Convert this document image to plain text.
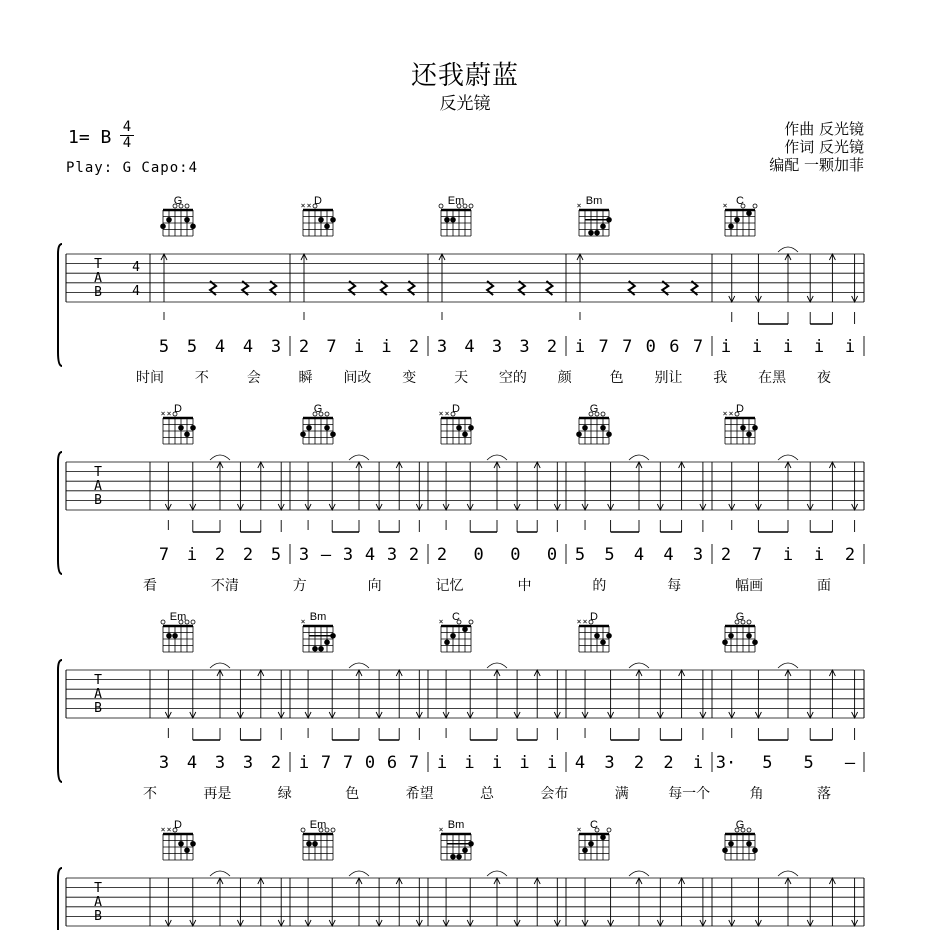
还我蔚蓝
反光镜
1= B 4
4
Play: G Capo:4
作曲 反光镜
作词 反光镜
编配 一颗加菲
T
A
B
4
4
G	D
× ×	Em	Bm
×	C
×
5 5 4 4 3 2 7 i i 2 3 4 3 3 2 i 7 7 0 6 7 i i i i i
时间 不	会	瞬 间改 变	天 空的 颜	色 别让 我 在黑 夜
T
A
B
D
× ×	G	D
× ×	G	D
× ×
7 i 2 2 5 3 – 3 4 3 2 2 0 0 0 5 5 4 4 3 2 7 i i 2
看	不清	方	向	记忆	中	的	每	幅画	面
T
A
B
Em	Bm
×	C
×	D
× ×	G
3 4 3 3 2 i 7 7 0 6 7 i i i i i 4 3 2 2 i 3· 5 5 –
不	再是	绿	色	希望	总	会布	满	每一个	角	落
T
A
B
D
× ×	Em	Bm
×	C
×	G
